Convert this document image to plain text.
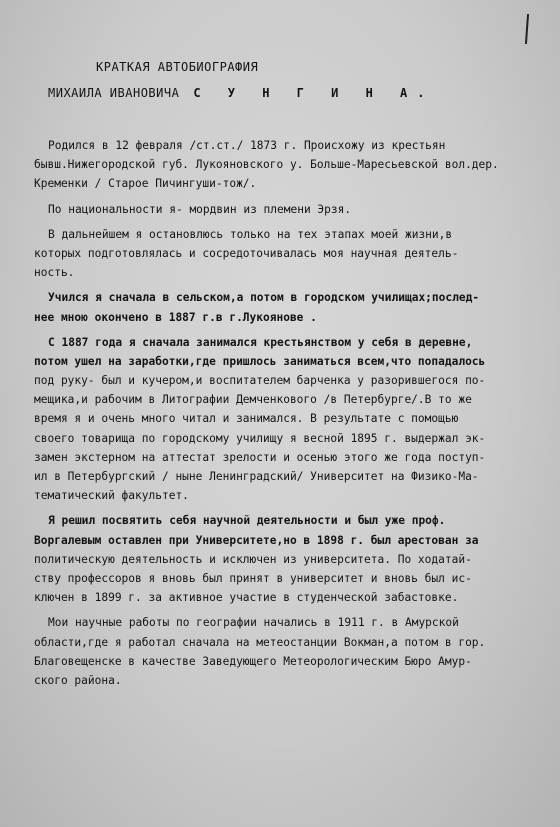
КРАТКАЯ АВТОБИОГРАФИЯ
МИХАИЛА ИВАНОВИЧА С У Н Г И Н А.
Родился в 12 февраля /ст.ст./ 1873 г. Происхожу из крестьян
бывш.Нижегородской губ. Лукояновского у. Больше-Маресьевской вол.дер.
Кременки / Старое Пичингуши-тож/.
По национальности я- мордвин из племени Эрзя.
В дальнейшем я остановлюсь только на тех этапах моей жизни,в
которых подготовлялась и сосредоточивалась моя научная деятель-
ность.
Учился я сначала в сельском,а потом в городском училищах;послед-
нее мною окончено в 1887 г.в г.Лукоянове .
С 1887 года я сначала занимался крестьянством у себя в деревне,
потом ушел на заработки,где пришлось заниматься всем,что попадалось
под руку- был и кучером,и воспитателем барченка у разорившегося по-
мещика,и рабочим в Литографии Демченкового /в Петербурге/.В то же
время я и очень много читал и занимался. В результате с помощью
своего товарища по городскому училищу я весной 1895 г. выдержал эк-
замен экстерном на аттестат зрелости и осенью этого же года поступ-
ил в Петербургский / ныне Ленинградский/ Университет на Физико-Ма-
тематический факультет.
Я решил посвятить себя научной деятельности и был уже проф.
Воргалевым оставлен при Университете,но в 1898 г. был арестован за
политическую деятельность и исключен из университета. По ходатай-
ству профессоров я вновь был принят в университет и вновь был ис-
ключен в 1899 г. за активное участие в студенческой забастовке.
Мои научные работы по географии начались в 1911 г. в Амурской
области,где я работал сначала на метеостанции Вокман,а потом в гор.
Благовещенске в качестве Заведующего Метеорологическим Бюро Амур-
ского района.
